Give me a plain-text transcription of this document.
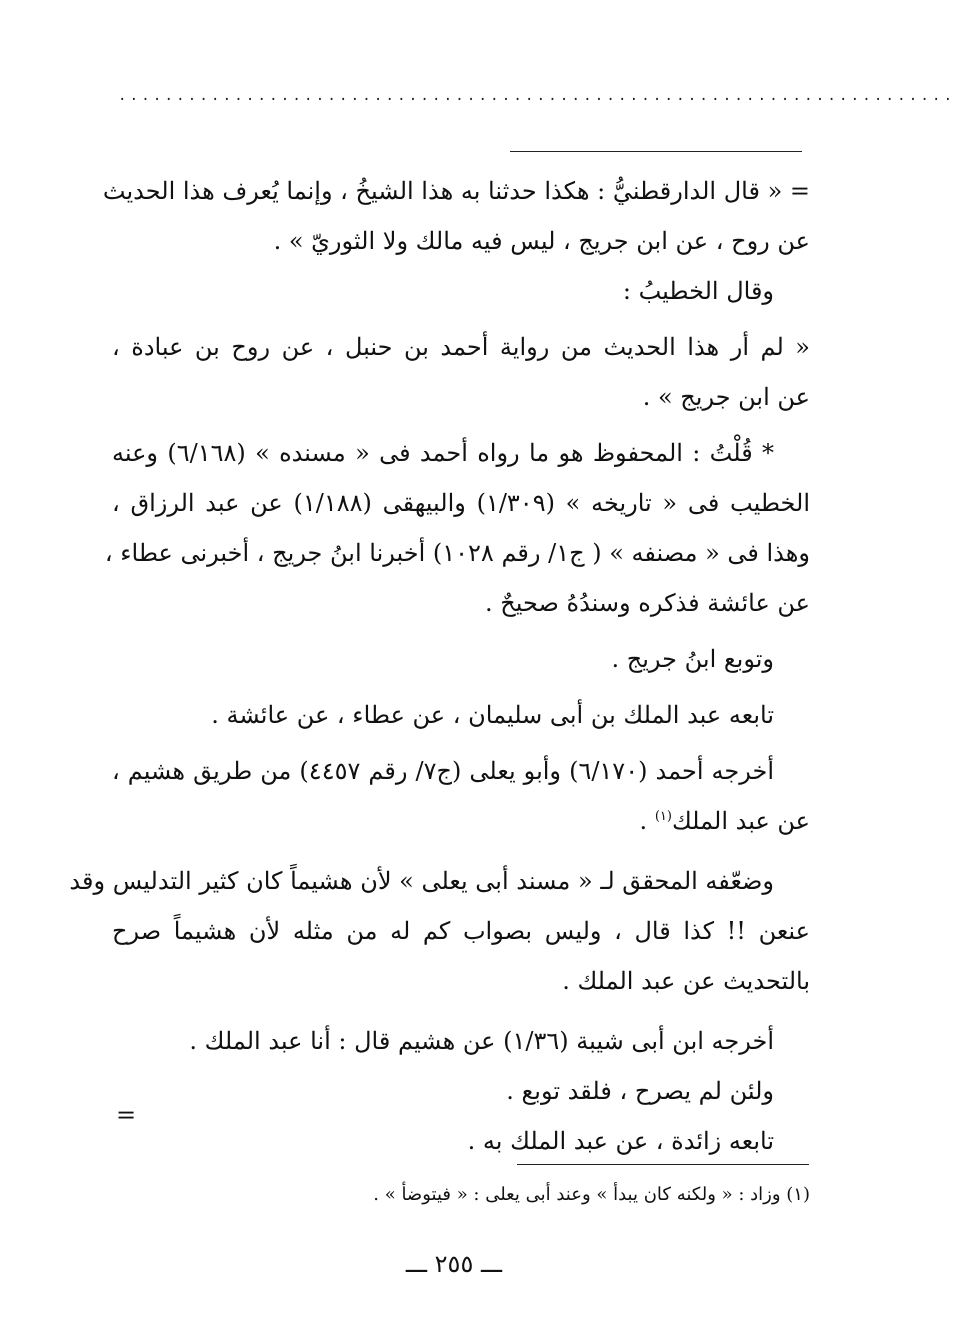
........................................................................
= « قال الدارقطنيُّ : هكذا حدثنا به هذا الشيخُ ، وإنما يُعرف هذا الحديث
عن روح ، عن ابن جريج ، ليس فيه مالك ولا الثوريّ » .
وقال الخطيبُ :
« لم أر هذا الحديث من رواية أحمد بن حنبل ، عن روح بن عبادة ،
عن ابن جريج » .
* قُلْتُ : المحفوظ هو ما رواه أحمد فى « مسنده » (٦/١٦٨) وعنه
الخطيب فى « تاريخه » (١/٣٠٩) والبيهقى (١/١٨٨) عن عبد الرزاق ،
وهذا فى « مصنفه » ( ج١/ رقم ١٠٢٨) أخبرنا ابنُ جريج ، أخبرنى عطاء ،
عن عائشة فذكره وسندُهُ صحيحٌ .
وتوبع ابنُ جريج .
تابعه عبد الملك بن أبى سليمان ، عن عطاء ، عن عائشة .
أخرجه أحمد (٦/١٧٠) وأبو يعلى (ج٧/ رقم ٤٤٥٧) من طريق هشيم ،
عن عبد الملك$^{(١)}$ .
وضعّفه المحقق لـ « مسند أبى يعلى » لأن هشيماً كان كثير التدليس وقد
عنعن !! كذا قال ، وليس بصواب كم له من مثله لأن هشيماً صرح
بالتحديث عن عبد الملك .
أخرجه ابن أبى شيبة (١/٣٦) عن هشيم قال : أنا عبد الملك .
ولئن لم يصرح ، فلقد توبع .
تابعه زائدة ، عن عبد الملك به .
=
(١) وزاد : « ولكنه كان يبدأ » وعند أبى يعلى : « فيتوضأ » .
ـــ ٢٥٥ ـــ
